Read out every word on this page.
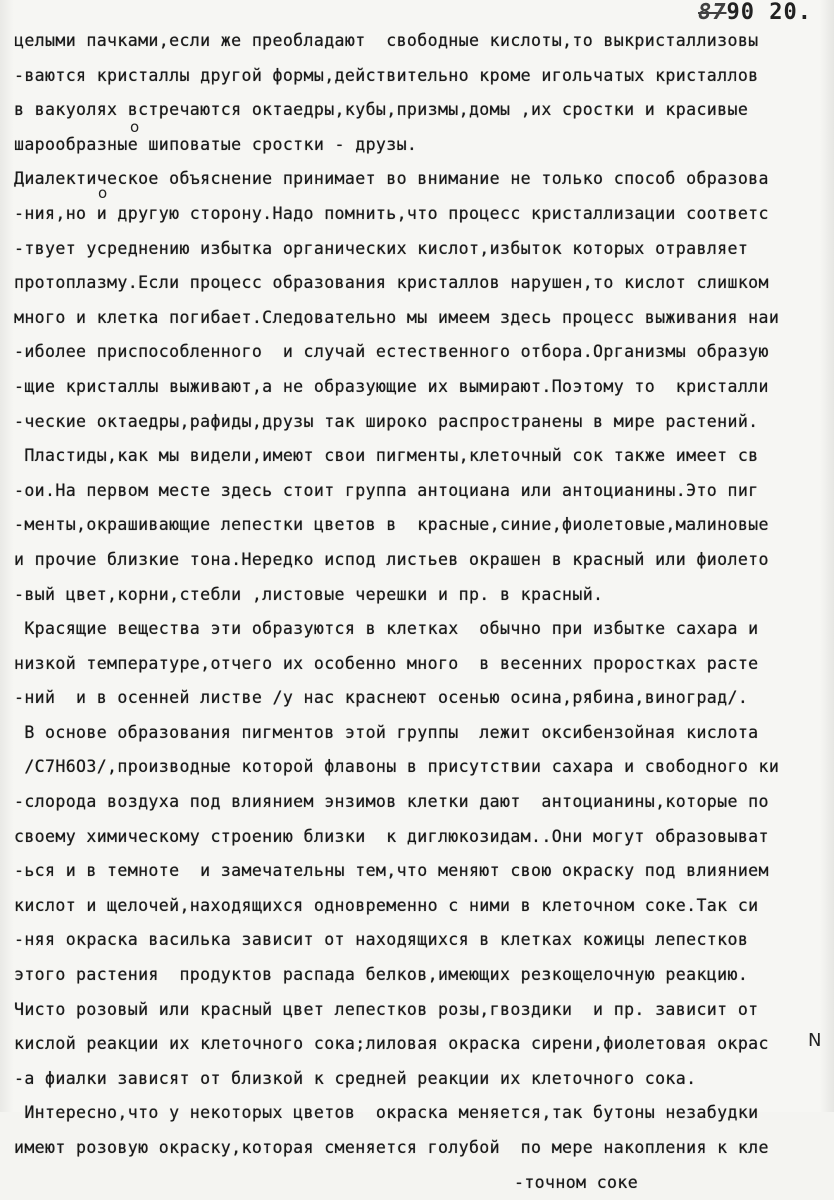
8790 20.
целыми пачками,если же преобладают  свободные кислоты,то выкристаллизовы
-ваются кристаллы другой формы,действительно кроме игольчатых кристаллов
в вакуолях встречаются октаедры,кубы,призмы,домы ,их сростки и красивые
шарообразные шиповатые сростки - друзы.
Диалектическое объяснение принимает во внимание не только способ образова
-ния,но и другую сторону.Надо помнить,что процесс кристаллизации соответс
-твует усреднению избытка органических кислот,избыток которых отравляет
протоплазму.Если процесс образования кристаллов нарушен,то кислот слишком
много и клетка погибает.Следовательно мы имеем здесь процесс выживания наи
-иболее приспособленного  и случай естественного отбора.Организмы образую
-щие кристаллы выживают,а не образующие их вымирают.Поэтому то  кристалли
-ческие октаедры,рафиды,друзы так широко распространены в мире растений.
Пластиды,как мы видели,имеют свои пигменты,клеточный сок также имеет св
-ои.На первом месте здесь стоит группа антоциана или антоцианины.Это пиг
-менты,окрашивающие лепестки цветов в  красные,синие,фиолетовые,малиновые
и прочие близкие тона.Нередко испод листьев окрашен в красный или фиолето
-вый цвет,корни,стебли ,листовые черешки и пр. в красный.
Красящие вещества эти образуются в клетках  обычно при избытке сахара и
низкой температуре,отчего их особенно много  в весенних проростках расте
-ний  и в осенней листве /у нас краснеют осенью осина,рябина,виноград/.
В основе образования пигментов этой группы  лежит оксибензойная кислота
/C7H6O3/,производные которой флавоны в присутствии сахара и свободного ки
-слорода воздуха под влиянием энзимов клетки дают  антоцианины,которые по
своему химическому строению близки  к диглюкозидам..Они могут образовыват
-ься и в темноте  и замечательны тем,что меняют свою окраску под влиянием
кислот и щелочей,находящихся одновременно с ними в клеточном соке.Так си
-няя окраска василька зависит от находящихся в клетках кожицы лепестков
этого растения  продуктов распада белков,имеющих резкощелочную реакцию.
Чисто розовый или красный цвет лепестков розы,гвоздики  и пр. зависит от
кислой реакции их клеточного сока;лиловая окраска сирени,фиолетовая окрас
-а фиалки зависят от близкой к средней реакции их клеточного сока.
Интересно,что у некоторых цветов  окраска меняется,так бутоны незабудки
имеют розовую окраску,которая сменяется голубой  по мере накопления к кле
-точном соке
о
о
N
